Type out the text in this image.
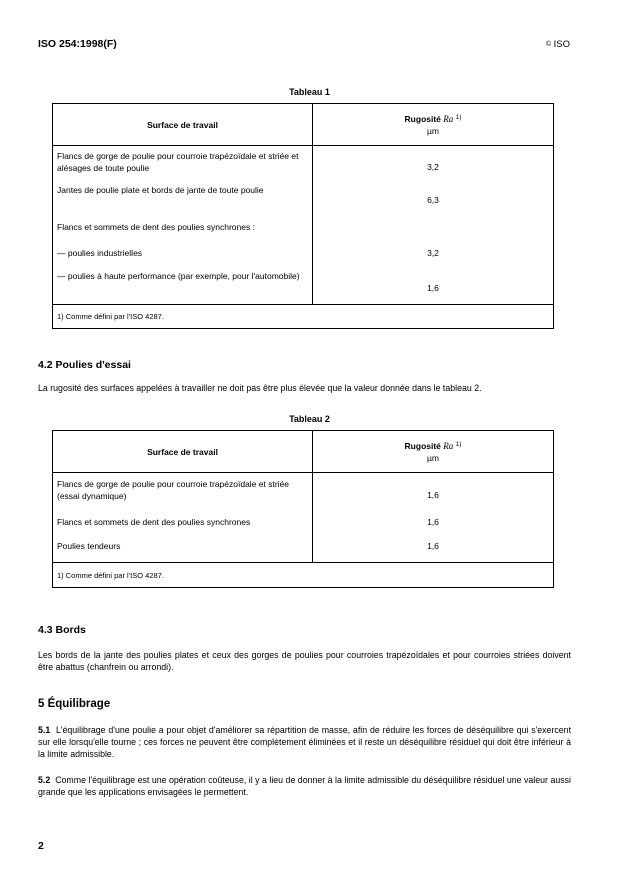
ISO 254:1998(F)	© ISO
Tableau 1
Surface de travail	Rugosité Ra $^{1)}$
µm

Flancs de gorge de poulie pour courroie trapézoïdale et striée et alésages de toute poulie	3,2
Jantes de poulie plate et bords de jante de toute poulie	6,3
Flancs et sommets de dent des poulies synchrones :	
— poulies industrielles	3,2
— poulies à haute performance (par exemple, pour l'automobile)	1,6
1) Comme défini par l'ISO 4287.	
4.2 Poulies d'essai
La rugosité des surfaces appelées à travailler ne doit pas être plus élevée que la valeur donnée dans le tableau 2.
Tableau 2
Surface de travail	Rugosité Ra $^{1)}$
µm

Flancs de gorge de poulie pour courroie trapézoïdale et striée (essai dynamique)	1,6
Flancs et sommets de dent des poulies synchrones	1,6
Poulies tendeurs	1,6
1) Comme défini par l'ISO 4287.	
4.3 Bords
Les bords de la jante des poulies plates et ceux des gorges de poulies pour courroies trapézoïdales et pour courroies striées doivent être abattus (chanfrein ou arrondi).
5 Équilibrage
5.1 L'équilibrage d'une poulie a pour objet d'améliorer sa répartition de masse, afin de réduire les forces de déséquilibre qui s'exercent sur elle lorsqu'elle tourne ; ces forces ne peuvent être complètement éliminées et il reste un déséquilibre résiduel qui doit être inférieur à la limite admissible.
5.2 Comme l'équilibrage est une opération coûteuse, il y a lieu de donner à la limite admissible du déséquilibre résiduel une valeur aussi grande que les applications envisagées le permettent.
2
